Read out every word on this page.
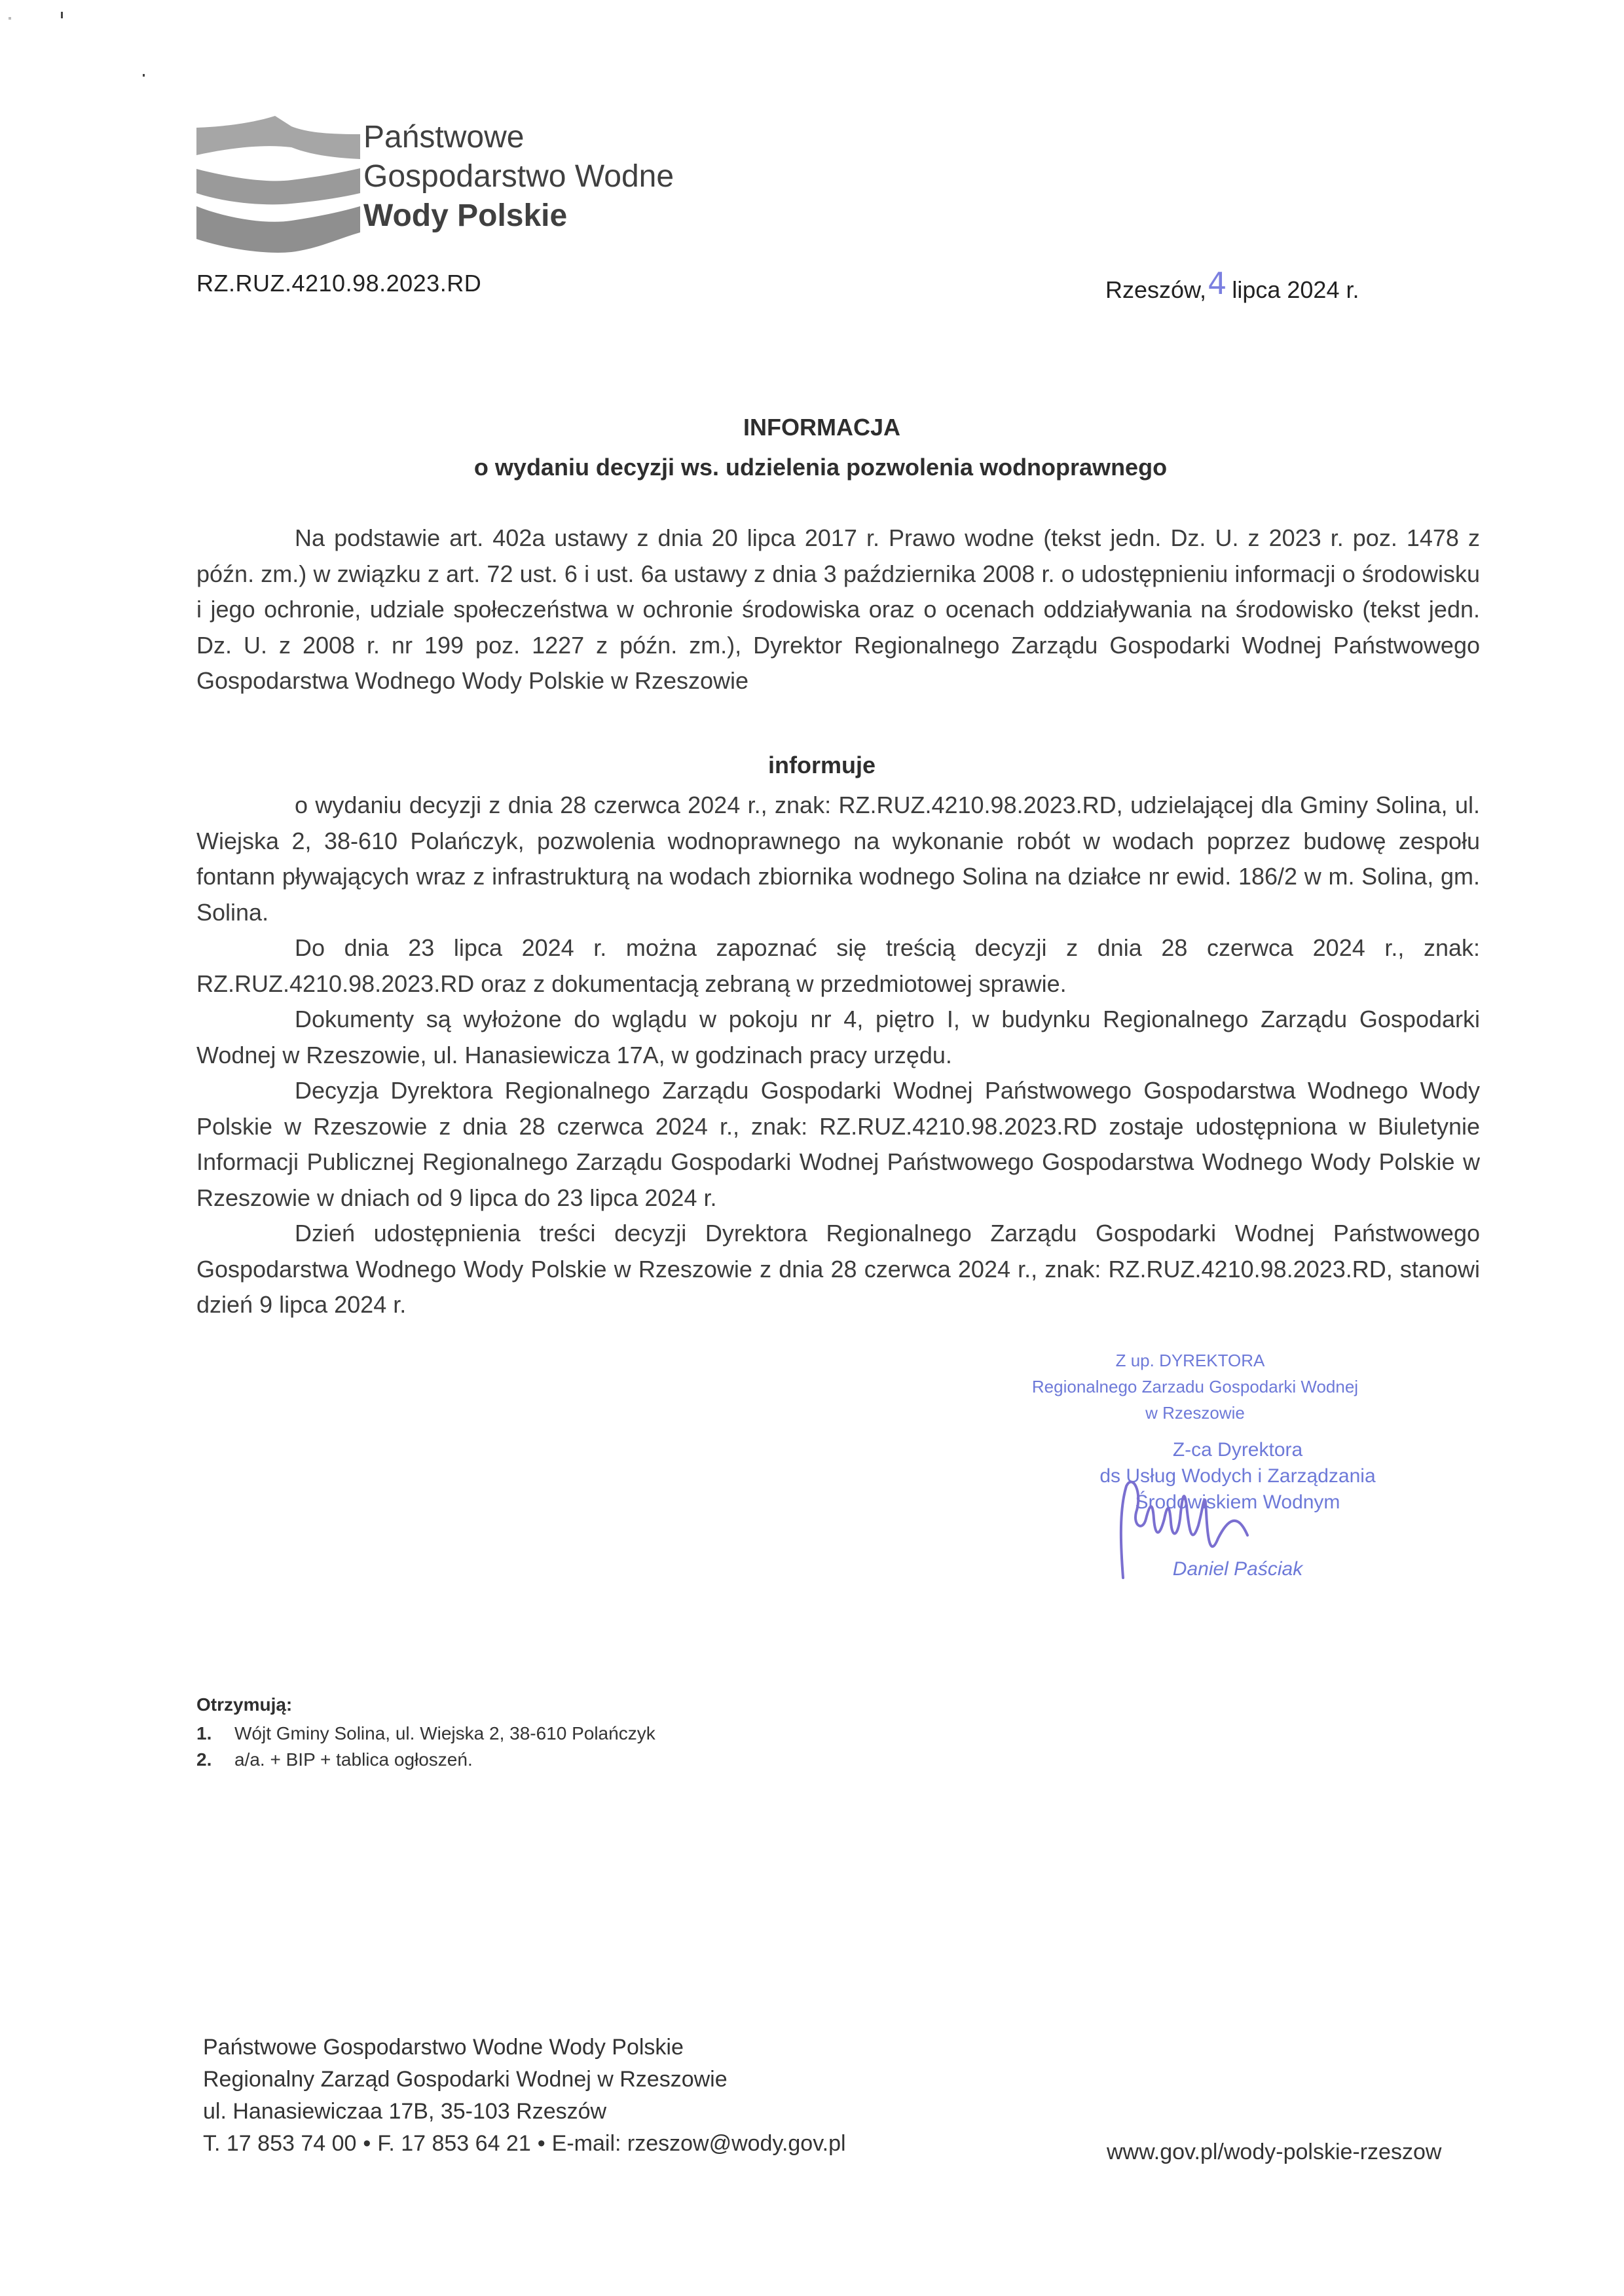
Państwowe
Gospodarstwo Wodne
Wody Polskie
RZ.RUZ.4210.98.2023.RD	Rzeszów,4 lipca 2024 r.
INFORMACJA
o wydaniu decyzji ws. udzielenia pozwolenia wodnoprawnego

Na podstawie art. 402a ustawy z dnia 20 lipca 2017 r. Prawo wodne (tekst jedn. Dz. U. z 2023 r. poz. 1478 z późn. zm.) w związku z art. 72 ust. 6 i ust. 6a ustawy z dnia 3 października 2008 r. o udostępnieniu informacji o środowisku i jego ochronie, udziale społeczeństwa w ochronie środowiska oraz o ocenach oddziaływania na środowisko (tekst jedn. Dz. U. z 2008 r. nr 199 poz. 1227 z późn. zm.), Dyrektor Regionalnego Zarządu Gospodarki Wodnej Państwowego Gospodarstwa Wodnego Wody Polskie w Rzeszowie

informuje

o wydaniu decyzji z dnia 28 czerwca 2024 r., znak: RZ.RUZ.4210.98.2023.RD, udzielającej dla Gminy Solina, ul. Wiejska 2, 38-610 Polańczyk, pozwolenia wodnoprawnego na wykonanie robót w wodach poprzez budowę zespołu fontann pływających wraz z infrastrukturą na wodach zbiornika wodnego Solina na działce nr ewid. 186/2 w m. Solina, gm. Solina.

Do dnia 23 lipca 2024 r. można zapoznać się treścią decyzji z dnia 28 czerwca 2024 r., znak: RZ.RUZ.4210.98.2023.RD oraz z dokumentacją zebraną w przedmiotowej sprawie.

Dokumenty są wyłożone do wglądu w pokoju nr 4, piętro I, w budynku Regionalnego Zarządu Gospodarki Wodnej w Rzeszowie, ul. Hanasiewicza 17A, w godzinach pracy urzędu.

Decyzja Dyrektora Regionalnego Zarządu Gospodarki Wodnej Państwowego Gospodarstwa Wodnego Wody Polskie w Rzeszowie z dnia 28 czerwca 2024 r., znak: RZ.RUZ.4210.98.2023.RD zostaje udostępniona w Biuletynie Informacji Publicznej Regionalnego Zarządu Gospodarki Wodnej Państwowego Gospodarstwa Wodnego Wody Polskie w Rzeszowie w dniach od 9 lipca do 23 lipca 2024 r.

Dzień udostępnienia treści decyzji Dyrektora Regionalnego Zarządu Gospodarki Wodnej Państwowego Gospodarstwa Wodnego Wody Polskie w Rzeszowie z dnia 28 czerwca 2024 r., znak: RZ.RUZ.4210.98.2023.RD, stanowi dzień 9 lipca 2024 r.

Z up. DYREKTORA
Regionalnego Zarzadu Gospodarki Wodnej
w Rzeszowie
Z-ca Dyrektora
ds Usług Wodych i Zarządzania
Środowiskiem Wodnym
Daniel Paściak
Otrzymują:
1. Wójt Gminy Solina, ul. Wiejska 2, 38-610 Polańczyk
2. a/a. + BIP + tablica ogłoszeń.
Państwowe Gospodarstwo Wodne Wody Polskie
Regionalny Zarząd Gospodarki Wodnej w Rzeszowie
ul. Hanasiewiczaa 17B, 35-103 Rzeszów
T. 17 853 74 00 • F. 17 853 64 21 • E-mail: rzeszow@wody.gov.pl	www.gov.pl/wody-polskie-rzeszow
